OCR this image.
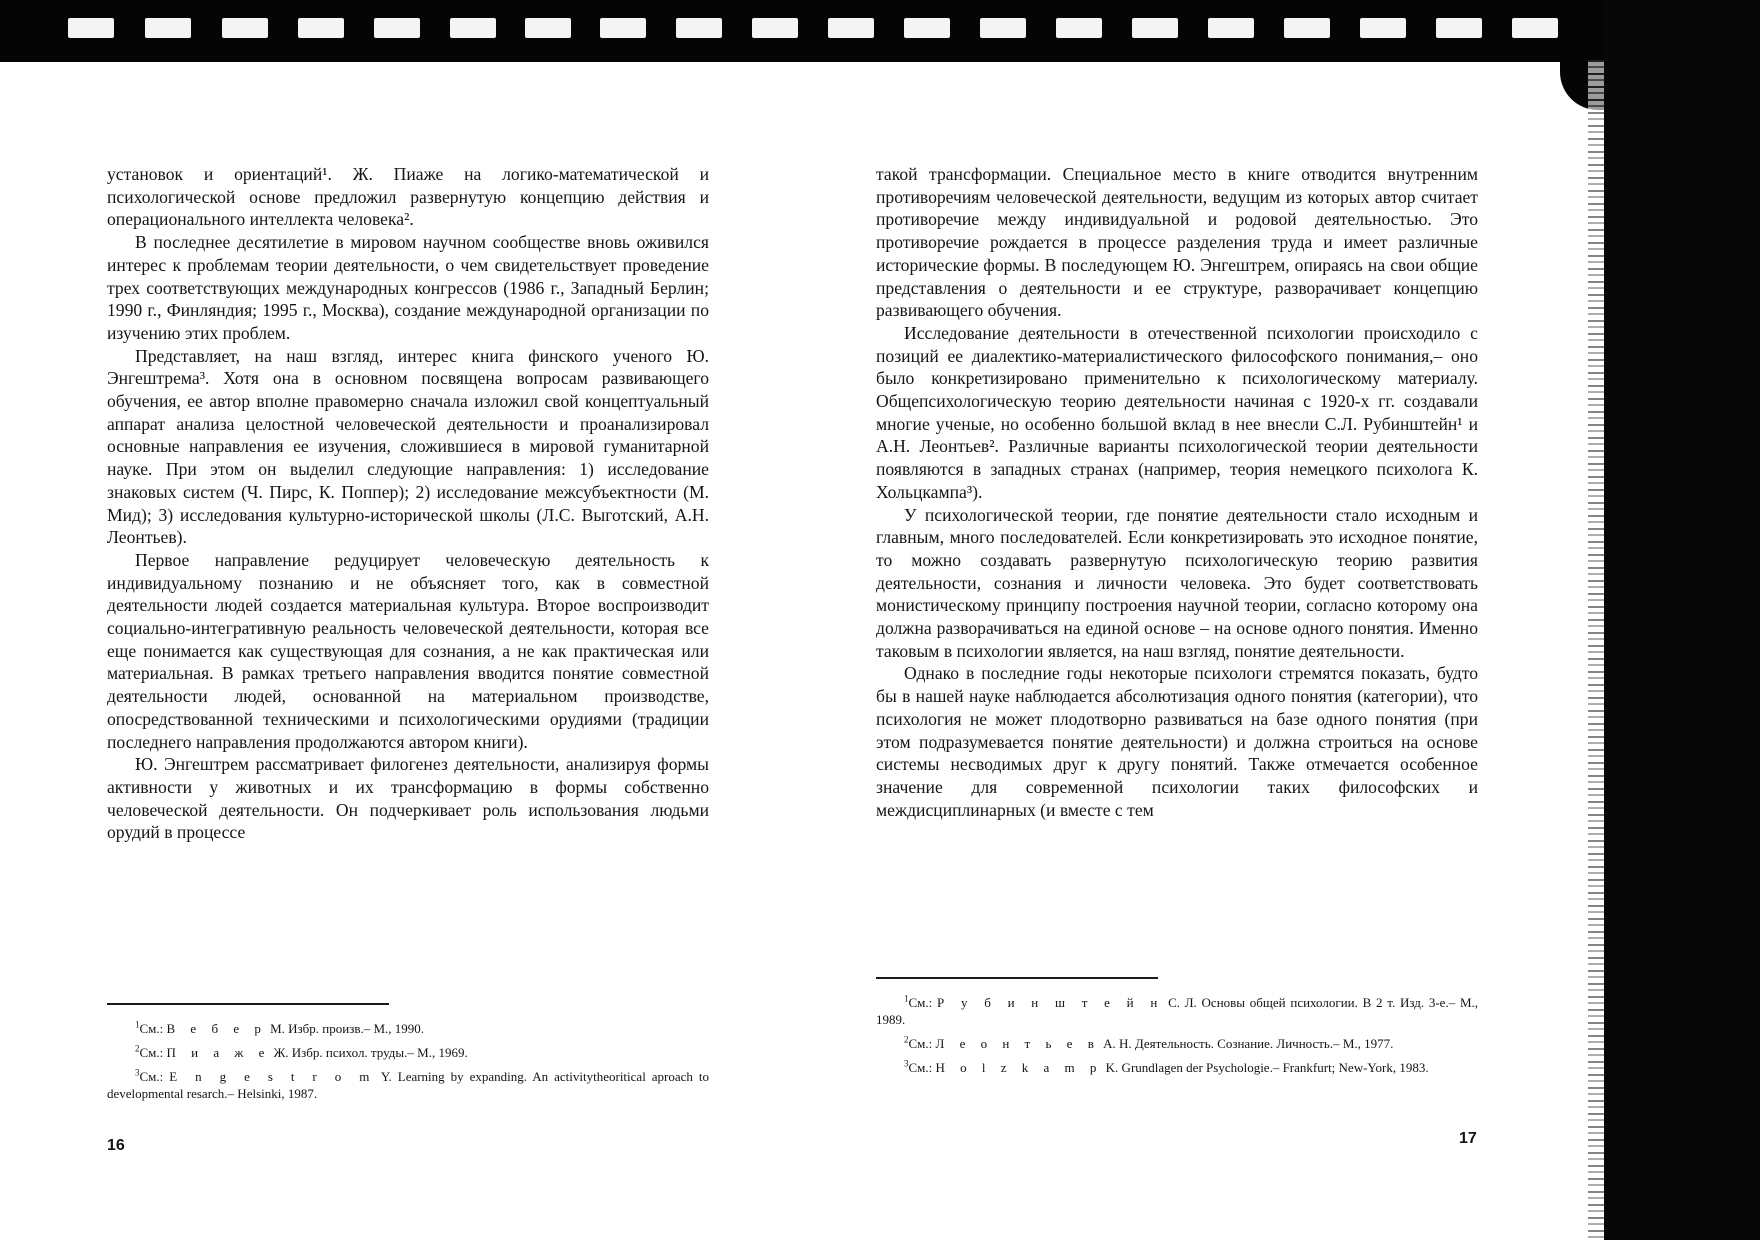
установок и ориентаций¹. Ж. Пиаже на логико-математической и психологической основе предложил развернутую концепцию действия и операционального интеллекта человека².

В последнее десятилетие в мировом научном сообществе вновь оживился интерес к проблемам теории деятельности, о чем свидетельствует проведение трех соответствующих международных конгрессов (1986 г., Западный Берлин; 1990 г., Финляндия; 1995 г., Москва), создание международной организации по изучению этих проблем.

Представляет, на наш взгляд, интерес книга финского ученого Ю. Энгештрема³. Хотя она в основном посвящена вопросам развивающего обучения, ее автор вполне правомерно сначала изложил свой концептуальный аппарат анализа целостной человеческой деятельности и проанализировал основные направления ее изучения, сложившиеся в мировой гуманитарной науке. При этом он выделил следующие направления: 1) исследование знаковых систем (Ч. Пирс, К. Поппер); 2) исследование межсубъектности (М. Мид); 3) исследования культурно-исторической школы (Л.С. Выготский, А.Н. Леонтьев).

Первое направление редуцирует человеческую деятельность к индивидуальному познанию и не объясняет того, как в совместной деятельности людей создается материальная культура. Второе воспроизводит социально-интегративную реальность человеческой деятельности, которая все еще понимается как существующая для сознания, а не как практическая или материальная. В рамках третьего направления вводится понятие совместной деятельности людей, основанной на материальном производстве, опосредствованной техническими и психологическими орудиями (традиции последнего направления продолжаются автором книги).

Ю. Энгештрем рассматривает филогенез деятельности, анализируя формы активности у животных и их трансформацию в формы собственно человеческой деятельности. Он подчеркивает роль использования людьми орудий в процессе

$^1$См.: В е б е р М. Избр. произв.– М., 1990.
$^2$См.: П и а ж е Ж. Избр. психол. труды.– М., 1969.
$^3$См.: E n g e s t r o m Y. Learning by expanding. An activitytheoritical aproach to developmental resarch.– Helsinki, 1987.
16

такой трансформации. Специальное место в книге отводится внутренним противоречиям человеческой деятельности, ведущим из которых автор считает противоречие между индивидуальной и родовой деятельностью. Это противоречие рождается в процессе разделения труда и имеет различные исторические формы. В последующем Ю. Энгештрем, опираясь на свои общие представления о деятельности и ее структуре, разворачивает концепцию развивающего обучения.

Исследование деятельности в отечественной психологии происходило с позиций ее диалектико-материалистического философского понимания,– оно было конкретизировано применительно к психологическому материалу. Общепсихологическую теорию деятельности начиная с 1920-х гг. создавали многие ученые, но особенно большой вклад в нее внесли С.Л. Рубинштейн¹ и А.Н. Леонтьев². Различные варианты психологической теории деятельности появляются в западных странах (например, теория немецкого психолога К. Хольцкампа³).

У психологической теории, где понятие деятельности стало исходным и главным, много последователей. Если конкретизировать это исходное понятие, то можно создавать развернутую психологическую теорию развития деятельности, сознания и личности человека. Это будет соответствовать монистическому принципу построения научной теории, согласно которому она должна разворачиваться на единой основе – на основе одного понятия. Именно таковым в психологии является, на наш взгляд, понятие деятельности.

Однако в последние годы некоторые психологи стремятся показать, будто бы в нашей науке наблюдается абсолютизация одного понятия (категории), что психология не может плодотворно развиваться на базе одного понятия (при этом подразумевается понятие деятельности) и должна строиться на основе системы несводимых друг к другу понятий. Также отмечается особенное значение для современной психологии таких философских и междисциплинарных (и вместе с тем

$^1$См.: Р у б и н ш т е й н С. Л. Основы общей психологии. В 2 т. Изд. 3-е.– М., 1989.
$^2$См.: Л е о н т ь е в А. Н. Деятельность. Сознание. Личность.– М., 1977.
$^3$См.: H o l z k a m p K. Grundlagen der Psychologie.– Frankfurt; New-York, 1983.
17
